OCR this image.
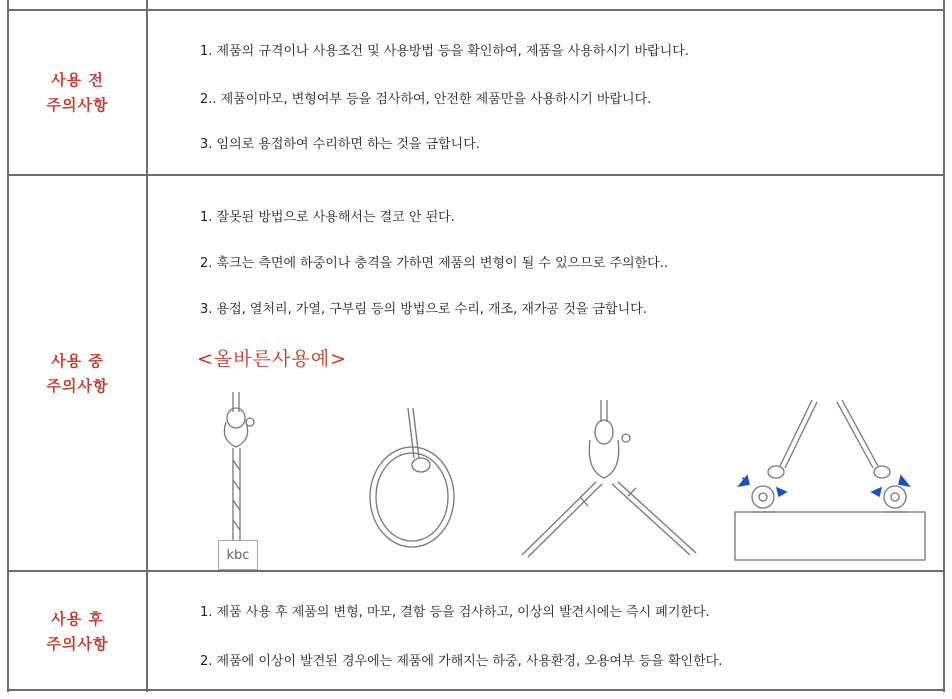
사용 전
주의사항
1. 제품의 규격이나 사용조건 및 사용방법 등을 확인하여, 제품을 사용하시기 바랍니다.
2.. 제품이마모, 변형여부 등을 검사하여, 안전한 제품만을 사용하시기 바랍니다.
3. 임의로 용접하여 수리하면 하는 것을 금합니다.
사용 중
주의사항
1. 잘못된 방법으로 사용해서는 결코 안 된다.
2. 훅크는 측면에 하중이나 충격을 가하면 제품의 변형이 될 수 있으므로 주의한다..
3. 용접, 열처리, 가열, 구부림 등의 방법으로 수리, 개조, 재가공 것을 금합니다.
<올바른사용예>
kbc
사용 후
주의사항
1. 제품 사용 후 제품의 변형, 마모, 결함 등을 검사하고, 이상의 발견시에는 즉시 폐기한다.
2. 제품에 이상이 발견된 경우에는 제품에 가해지는 하중, 사용환경, 오용여부 등을 확인한다.
